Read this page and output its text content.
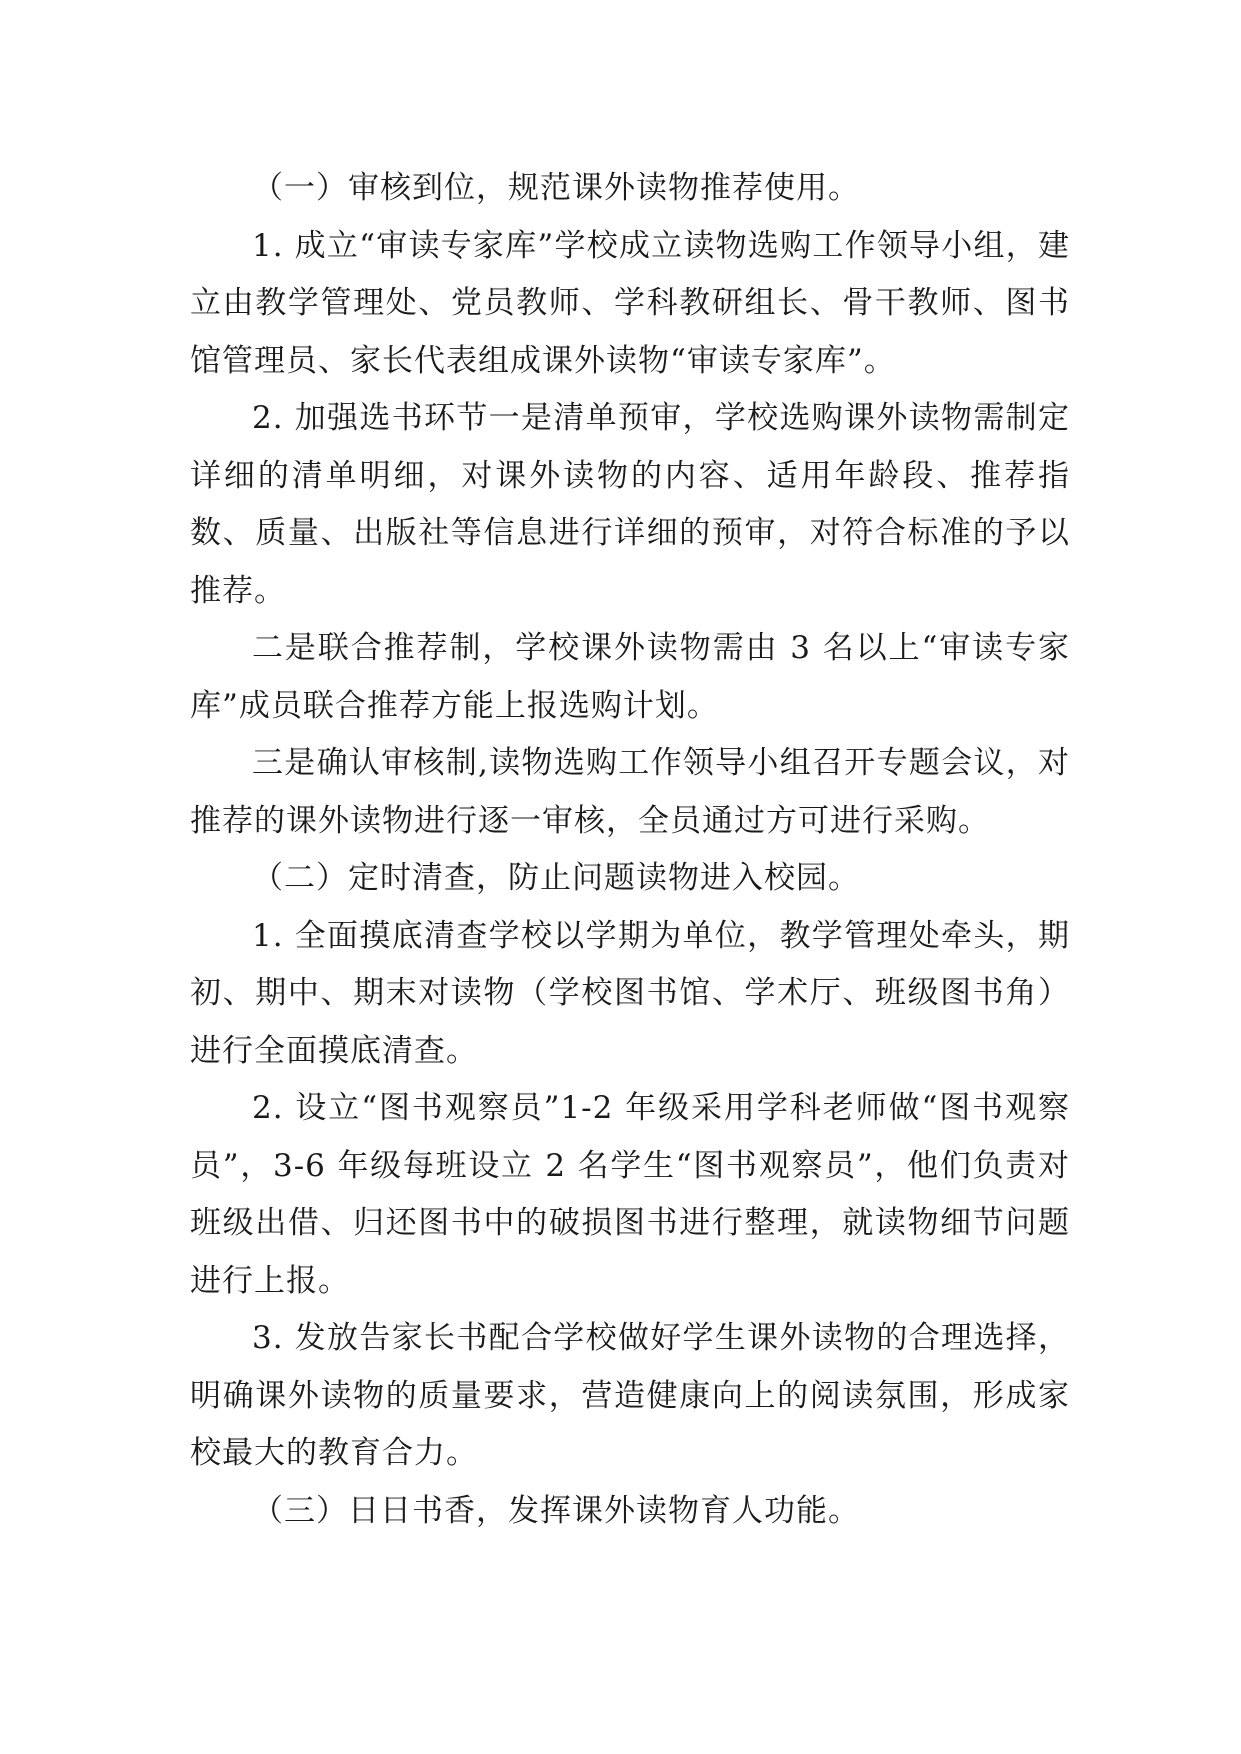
（一）审核到位，规范课外读物推荐使用。

1. 成立“审读专家库”学校成立读物选购工作领导小组，建立由教学管理处、党员教师、学科教研组长、骨干教师、图书馆管理员、家长代表组成课外读物“审读专家库”。

2. 加强选书环节一是清单预审，学校选购课外读物需制定详细的清单明细，对课外读物的内容、适用年龄段、推荐指数、质量、出版社等信息进行详细的预审，对符合标准的予以推荐。

二是联合推荐制，学校课外读物需由 3 名以上“审读专家库”成员联合推荐方能上报选购计划。

三是确认审核制,读物选购工作领导小组召开专题会议，对推荐的课外读物进行逐一审核，全员通过方可进行采购。

（二）定时清查，防止问题读物进入校园。

1. 全面摸底清查学校以学期为单位，教学管理处牵头，期初、期中、期末对读物（学校图书馆、学术厅、班级图书角）进行全面摸底清查。

2. 设立“图书观察员”1-2 年级采用学科老师做“图书观察员”，3-6 年级每班设立 2 名学生“图书观察员”，他们负责对班级出借、归还图书中的破损图书进行整理，就读物细节问题进行上报。

3. 发放告家长书配合学校做好学生课外读物的合理选择，明确课外读物的质量要求，营造健康向上的阅读氛围，形成家校最大的教育合力。

（三）日日书香，发挥课外读物育人功能。
